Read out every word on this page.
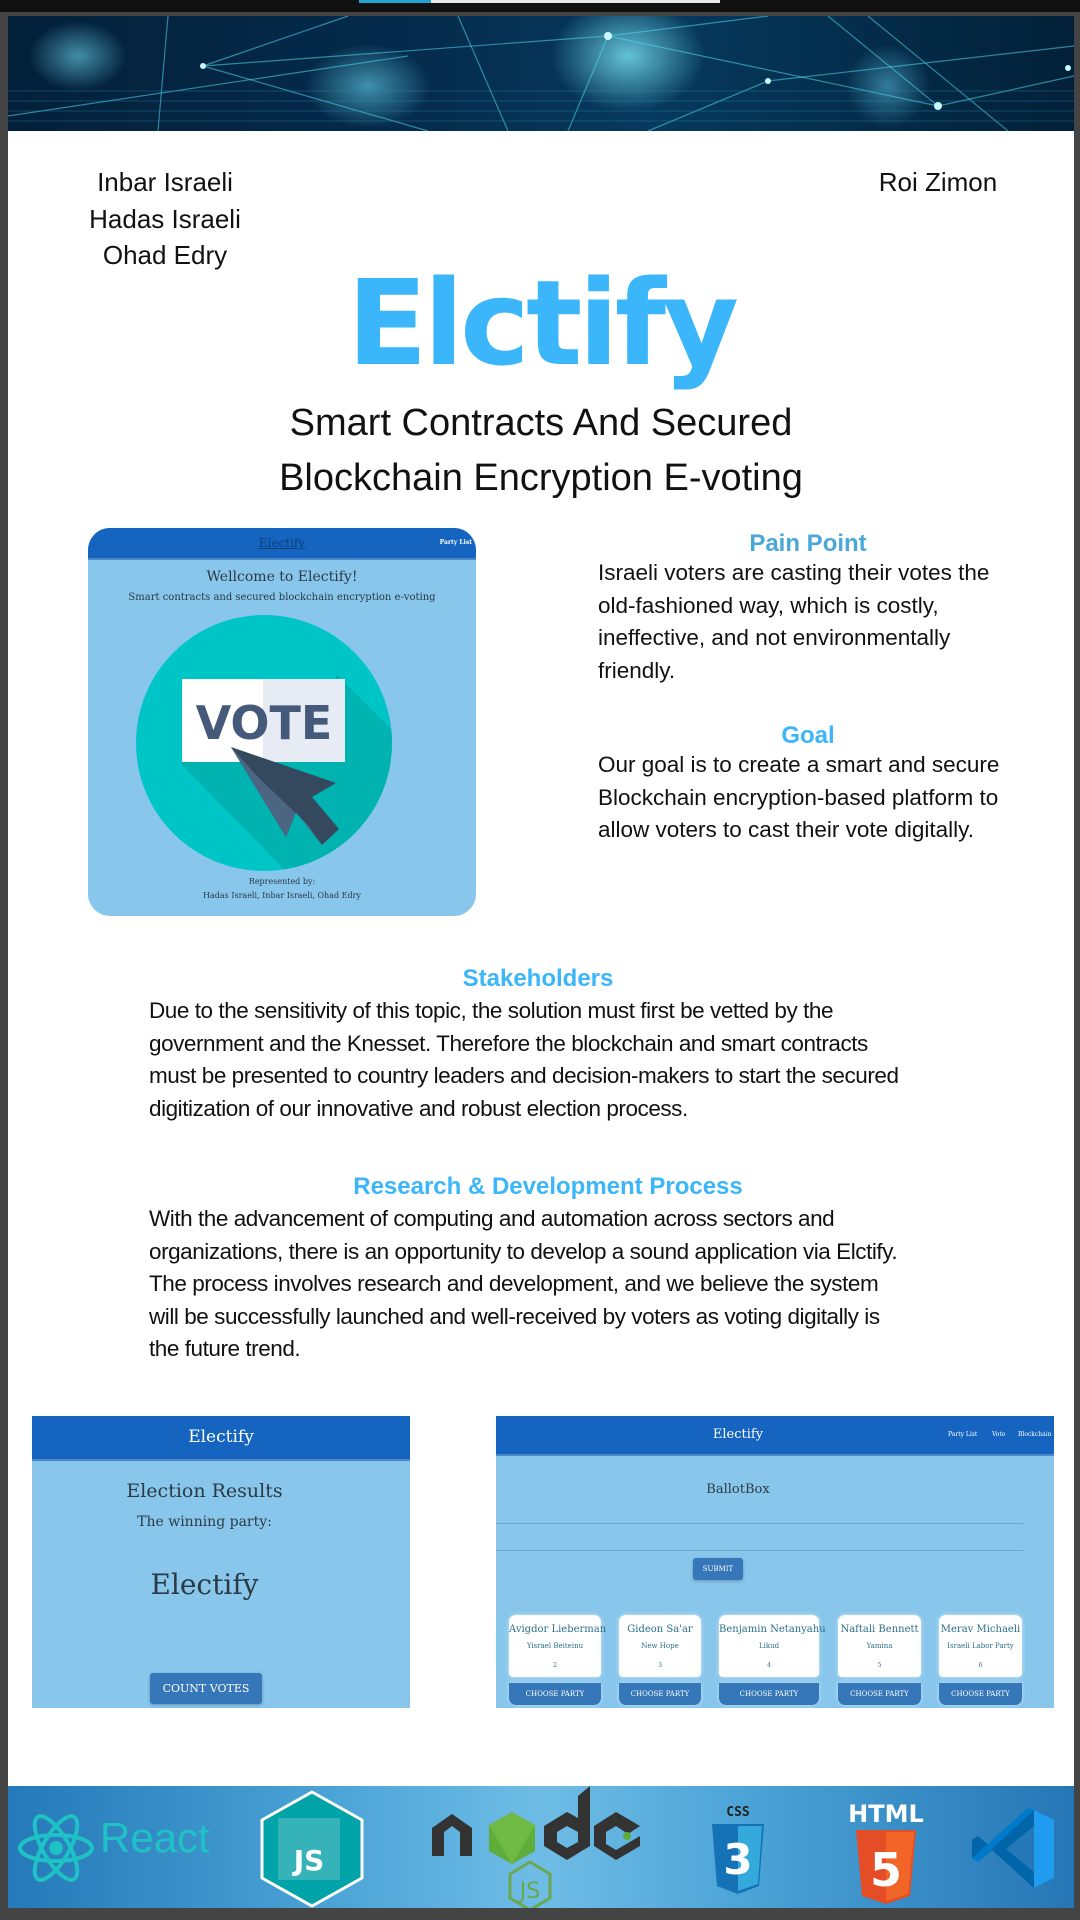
Inbar Israeli
Hadas Israeli
Ohad Edry
Roi Zimon
Elctify
Smart Contracts And Secured
Blockchain Encryption E-voting
Electify	Party List
Wellcome to Electify!
Smart contracts and secured blockchain encryption e-voting
VOTE
Represented by:
Hadas Israeli, Inbar Israeli, Ohad Edry
Pain Point
Israeli voters are casting their votes the
old-fashioned way, which is costly,
ineffective, and not environmentally
friendly.
Goal
Our goal is to create a smart and secure
Blockchain encryption-based platform to
allow voters to cast their vote digitally.
Stakeholders
Due to the sensitivity of this topic, the solution must first be vetted by the
government and the Knesset. Therefore the blockchain and smart contracts
must be presented to country leaders and decision-makers to start the secured
digitization of our innovative and robust election process.
Research & Development Process
With the advancement of computing and automation across sectors and
organizations, there is an opportunity to develop a sound application via Elctify.
The process involves research and development, and we believe the system
will be successfully launched and well-received by voters as voting digitally is
the future trend.
Electify
Election Results
The winning party:
Electify
COUNT VOTES
Electify	Party List Vote Blockchain
BallotBox
SUBMIT
Avigdor Lieberman
Yisrael Beiteinu
2
CHOOSE PARTY
Gideon Sa'ar
New Hope
3
CHOOSE PARTY
Benjamin Netanyahu
Likud
4
CHOOSE PARTY
Naftali Bennett
Yamina
5
CHOOSE PARTY
Merav Michaeli
Israeli Labor Party
6
CHOOSE PARTY
React	JS
JS
CSS
3
HTML
5
